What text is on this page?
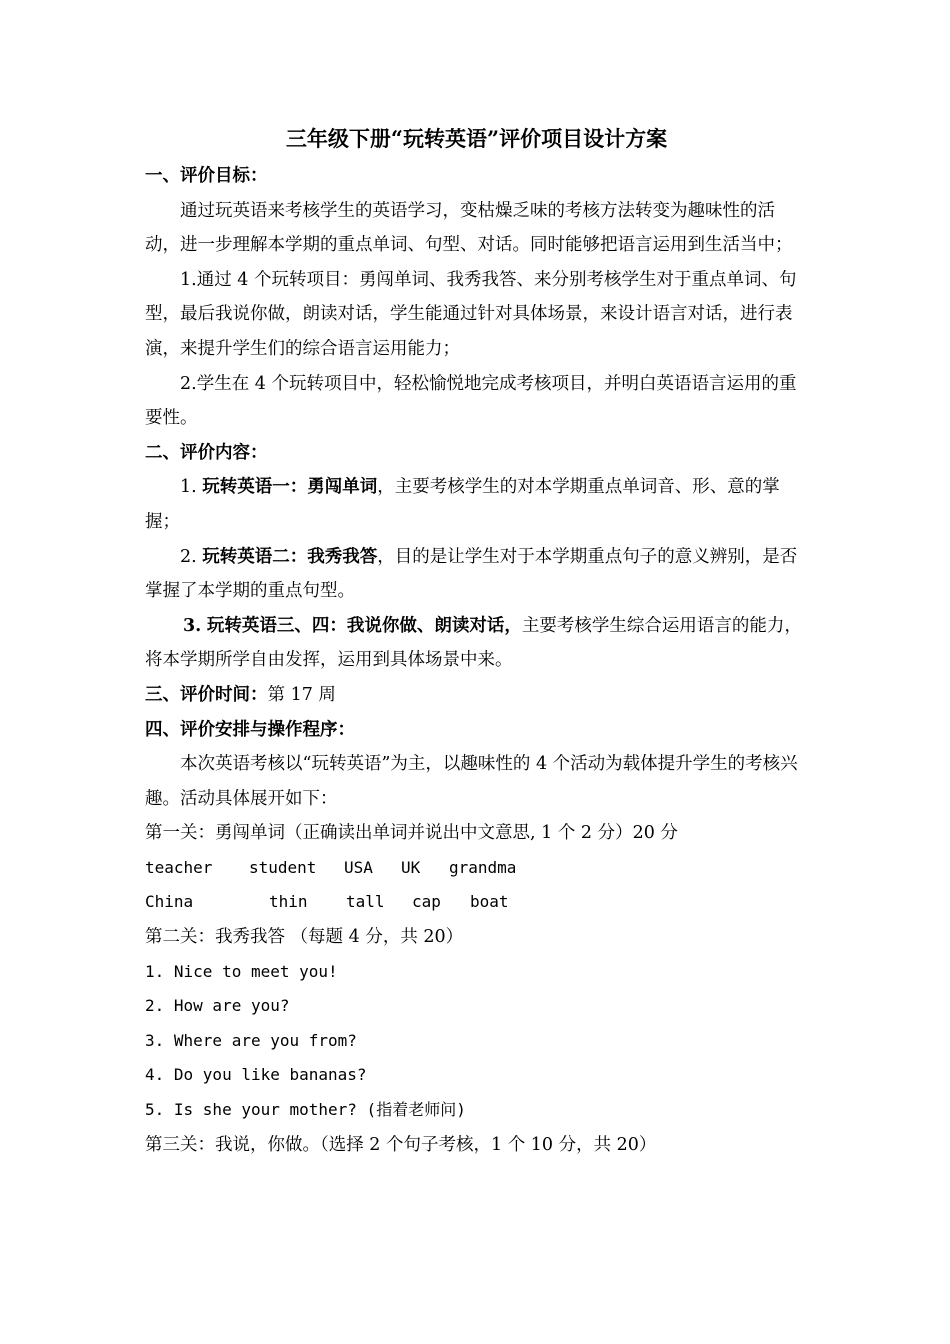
三年级下册“玩转英语”评价项目设计方案
一、评价目标：
通过玩英语来考核学生的英语学习，变枯燥乏味的考核方法转变为趣味性的活动，进一步理解本学期的重点单词、句型、对话。同时能够把语言运用到生活当中；
1.通过 4 个玩转项目：勇闯单词、我秀我答、来分别考核学生对于重点单词、句型，最后我说你做，朗读对话，学生能通过针对具体场景，来设计语言对话，进行表演，来提升学生们的综合语言运用能力；
2.学生在 4 个玩转项目中，轻松愉悦地完成考核项目，并明白英语语言运用的重要性。
二、评价内容：
1. 玩转英语一：勇闯单词，主要考核学生的对本学期重点单词音、形、意的掌握；
2. 玩转英语二：我秀我答，目的是让学生对于本学期重点句子的意义辨别，是否掌握了本学期的重点句型。
3. 玩转英语三、四：我说你做、朗读对话，主要考核学生综合运用语言的能力，将本学期所学自由发挥，运用到具体场景中来。
三、评价时间：第 17 周
四、评价安排与操作程序：
本次英语考核以“玩转英语”为主，以趣味性的 4 个活动为载体提升学生的考核兴趣。活动具体展开如下：
第一关：勇闯单词（正确读出单词并说出中文意思, 1 个 2 分）20 分
teacher student USA UK grandma
China	thin tall cap boat
第二关：我秀我答 （每题 4 分，共 20）
1. Nice to meet you!
2. How are you?
3. Where are you from?
4. Do you like bananas?
5. Is she your mother? (指着老师问)
第三关：我说，你做。（选择 2 个句子考核，1 个 10 分，共 20）
